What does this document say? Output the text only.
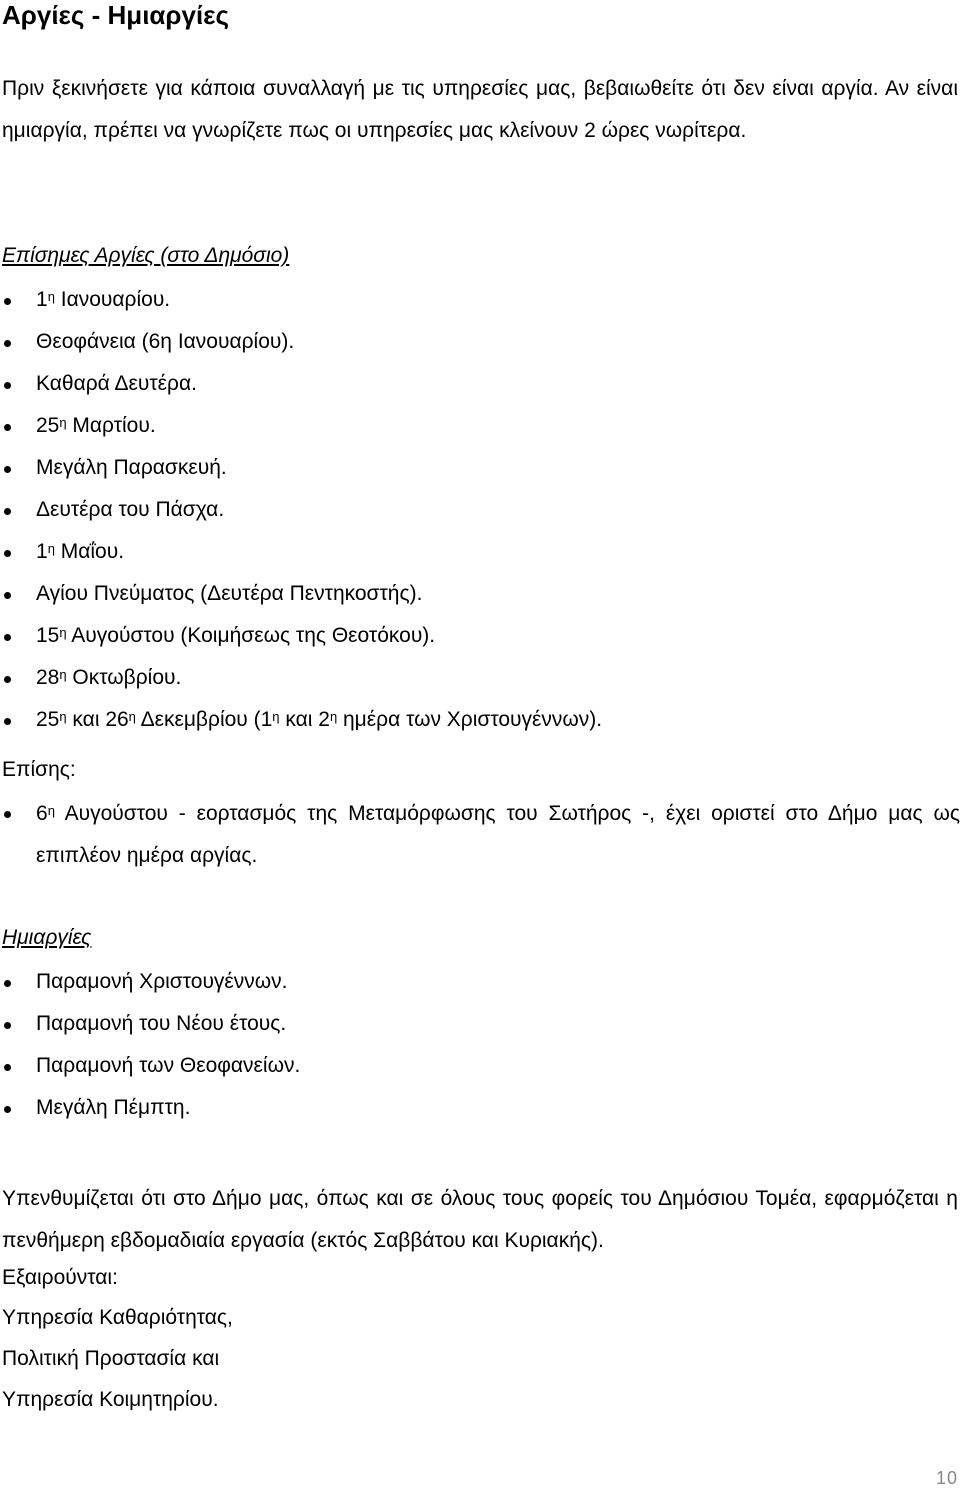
Αργίες - Ημιαργίες
Πριν ξεκινήσετε για κάποια συναλλαγή με τις υπηρεσίες μας, βεβαιωθείτε ότι δεν είναι αργία. Αν είναι ημιαργία, πρέπει να γνωρίζετε πως οι υπηρεσίες μας κλείνουν 2 ώρες νωρίτερα.
Επίσημες Αργίες (στο Δημόσιο)
$1^\eta$ Ιανουαρίου.
Θεοφάνεια (6η Ιανουαρίου).
Καθαρά Δευτέρα.
$25^\eta$ Μαρτίου.
Μεγάλη Παρασκευή.
Δευτέρα του Πάσχα.
$1^\eta$ Μαΐου.
Αγίου Πνεύματος (Δευτέρα Πεντηκοστής).
$15^\eta$ Αυγούστου (Κοιμήσεως της Θεοτόκου).
$28^\eta$ Οκτωβρίου.
$25^\eta$ και $26^\eta$ Δεκεμβρίου ($1^\eta$ και $2^\eta$ ημέρα των Χριστουγέννων).
Επίσης:
$6^\eta$ Αυγούστου - εορτασμός της Μεταμόρφωσης του Σωτήρος -, έχει οριστεί στο Δήμο μας ως επιπλέον ημέρα αργίας.
Ημιαργίες
Παραμονή Χριστουγέννων.
Παραμονή του Νέου έτους.
Παραμονή των Θεοφανείων.
Μεγάλη Πέμπτη.
Υπενθυμίζεται ότι στο Δήμο μας, όπως και σε όλους τους φορείς του Δημόσιου Τομέα, εφαρμόζεται η πενθήμερη εβδομαδιαία εργασία (εκτός Σαββάτου και Κυριακής).
Εξαιρούνται:
Υπηρεσία Καθαριότητας,
Πολιτική Προστασία και
Υπηρεσία Κοιμητηρίου.
10
